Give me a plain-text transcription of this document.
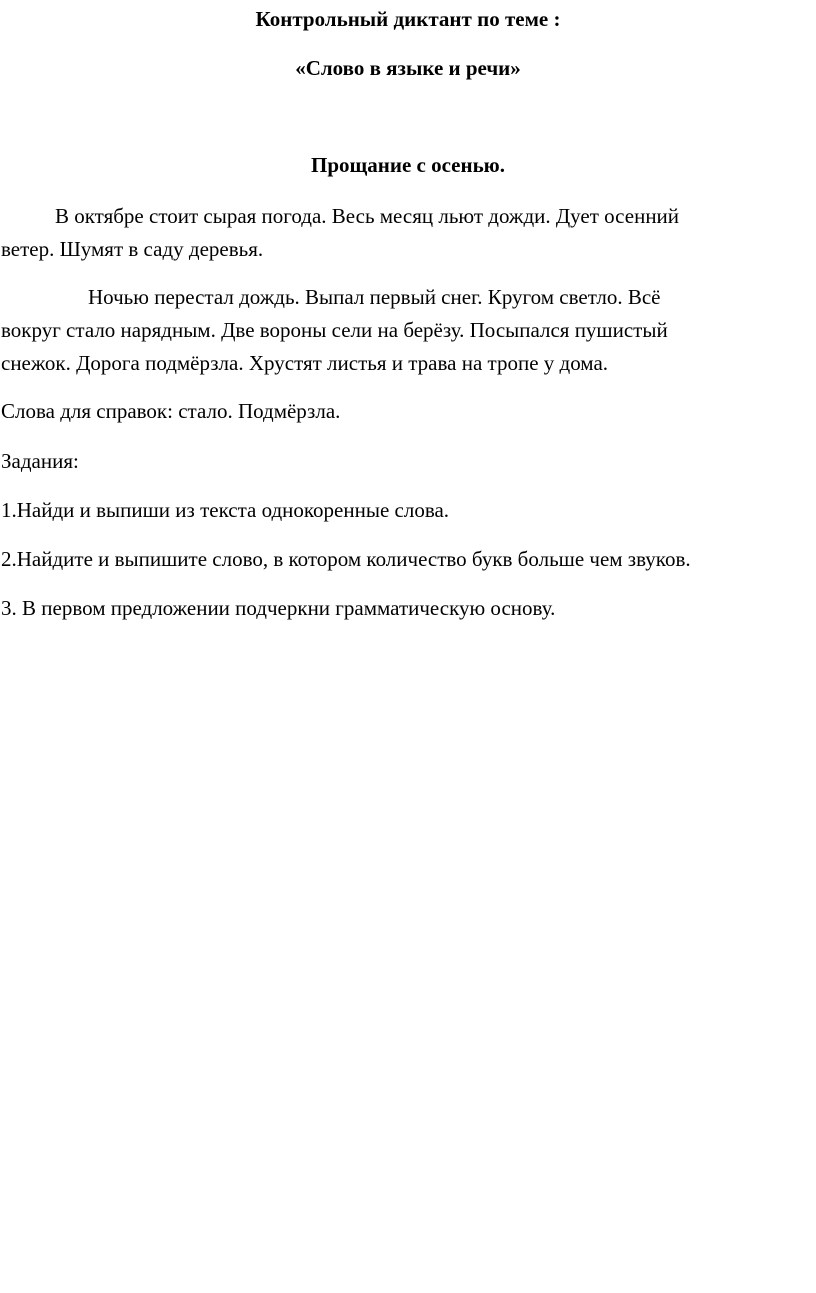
Контрольный диктант по теме :
«Слово в языке и речи»
Прощание с осенью.
В октябре стоит сырая погода. Весь месяц льют дожди. Дует осенний
ветер. Шумят в саду деревья.
Ночью перестал дождь. Выпал первый снег. Кругом светло. Всё
вокруг стало нарядным. Две вороны сели на берёзу. Посыпался пушистый
снежок. Дорога подмёрзла. Хрустят листья и трава на тропе у дома.
Слова для справок: стало. Подмёрзла.
Задания:
1.Найди и выпиши из текста однокоренные слова.
2.Найдите и выпишите слово, в котором количество букв больше чем звуков.
3. В первом предложении подчеркни грамматическую основу.
